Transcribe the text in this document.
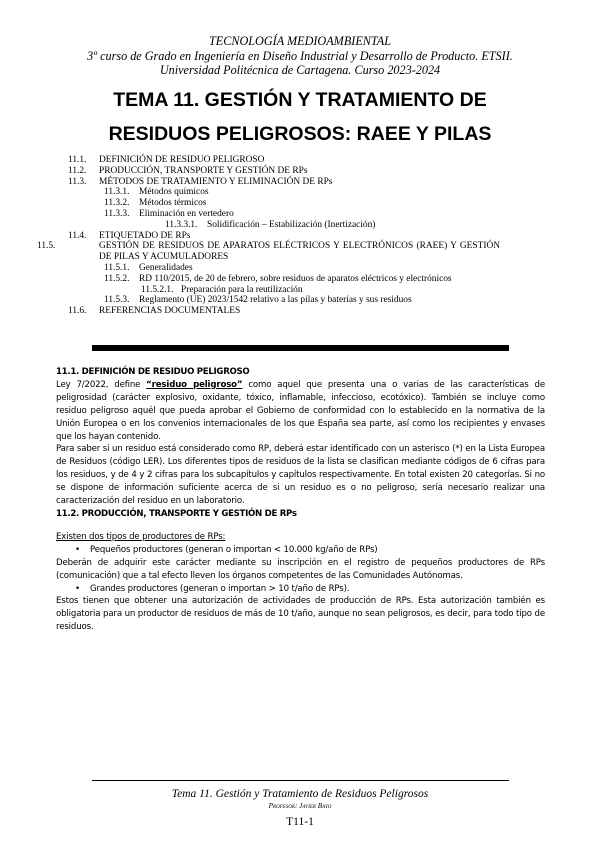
TECNOLOGÍA MEDIOAMBIENTAL
3º curso de Grado en Ingeniería en Diseño Industrial y Desarrollo de Producto. ETSII.
Universidad Politécnica de Cartagena. Curso 2023-2024
TEMA 11. GESTIÓN Y TRATAMIENTO DE
RESIDUOS PELIGROSOS: RAEE Y PILAS
11.1. DEFINICIÓN DE RESIDUO PELIGROSO
11.2. PRODUCCIÓN, TRANSPORTE Y GESTIÓN DE RPs
11.3. MÉTODOS DE TRATAMIENTO Y ELIMINACIÓN DE RPs
11.3.1. Métodos químicos
11.3.2. Métodos térmicos
11.3.3. Eliminación en vertedero
11.3.3.1. Solidificación – Estabilización (Inertización)
11.4. ETIQUETADO DE RPs
11.5.	GESTIÓN DE RESIDUOS DE APARATOS ELÉCTRICOS Y ELECTRÓNICOS (RAEE) Y GESTIÓN DE PILAS Y ACUMULADORES
11.5.1. Generalidades
11.5.2. RD 110/2015, de 20 de febrero, sobre residuos de aparatos eléctricos y electrónicos
11.5.2.1. Preparación para la reutilización
11.5.3. Reglamento (UE) 2023/1542 relativo a las pilas y baterías y sus residuos
11.6. REFERENCIAS DOCUMENTALES

11.1. DEFINICIÓN DE RESIDUO PELIGROSO

Ley 7/2022, define “residuo peligroso” como aquel que presenta una o varias de las características de peligrosidad (carácter explosivo, oxidante, tóxico, inflamable, infeccioso, ecotóxico). También se incluye como residuo peligroso aquél que pueda aprobar el Gobierno de conformidad con lo establecido en la normativa de la Unión Europea o en los convenios internacionales de los que España sea parte, así como los recipientes y envases que los hayan contenido.

Para saber si un residuo está considerado como RP, deberá estar identificado con un asterisco (*) en la Lista Europea de Residuos (código LER). Los diferentes tipos de residuos de la lista se clasifican mediante códigos de 6 cifras para los residuos, y de 4 y 2 cifras para los subcapítulos y capítulos respectivamente. En total existen 20 categorías. Si no se dispone de información suficiente acerca de si un residuo es o no peligroso, sería necesario realizar una caracterización del residuo en un laboratorio.

11.2. PRODUCCIÓN, TRANSPORTE Y GESTIÓN DE RPs

Existen dos tipos de productores de RPs:

• Pequeños productores (generan o importan < 10.000 kg/año de RPs)

Deberán de adquirir este carácter mediante su inscripción en el registro de pequeños productores de RPs (comunicación) que a tal efecto lleven los órganos competentes de las Comunidades Autónomas.

• Grandes productores (generan o importan > 10 t/año de RPs).

Estos tienen que obtener una autorización de actividades de producción de RPs. Esta autorización también es obligatoria para un productor de residuos de más de 10 t/año, aunque no sean peligrosos, es decir, para todo tipo de residuos.

Tema 11. Gestión y Tratamiento de Residuos Peligrosos
Profesor: Javier Bayo
T11-1
